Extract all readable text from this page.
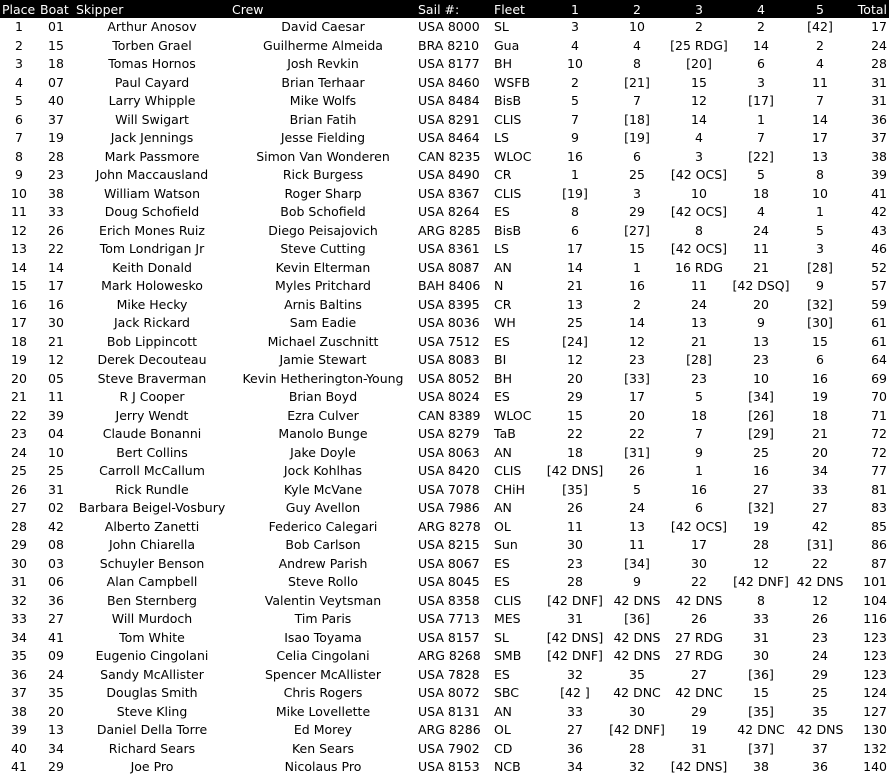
Place	Boat	Skipper	Crew	Sail #:	Fleet	1	2	3	4	5	Total
1	01	Arthur Anosov	David Caesar	USA 8000	SL	3	10	2	2	[42]	17
2	15	Torben Grael	Guilherme Almeida	BRA 8210	Gua	4	4	[25 RDG]	14	2	24
3	18	Tomas Hornos	Josh Revkin	USA 8177	BH	10	8	[20]	6	4	28
4	07	Paul Cayard	Brian Terhaar	USA 8460	WSFB	2	[21]	15	3	11	31
5	40	Larry Whipple	Mike Wolfs	USA 8484	BisB	5	7	12	[17]	7	31
6	37	Will Swigart	Brian Fatih	USA 8291	CLIS	7	[18]	14	1	14	36
7	19	Jack Jennings	Jesse Fielding	USA 8464	LS	9	[19]	4	7	17	37
8	28	Mark Passmore	Simon Van Wonderen	CAN 8235	WLOC	16	6	3	[22]	13	38
9	23	John Maccausland	Rick Burgess	USA 8490	CR	1	25	[42 OCS]	5	8	39
10	38	William Watson	Roger Sharp	USA 8367	CLIS	[19]	3	10	18	10	41
11	33	Doug Schofield	Bob Schofield	USA 8264	ES	8	29	[42 OCS]	4	1	42
12	26	Erich Mones Ruiz	Diego Peisajovich	ARG 8285	BisB	6	[27]	8	24	5	43
13	22	Tom Londrigan Jr	Steve Cutting	USA 8361	LS	17	15	[42 OCS]	11	3	46
14	14	Keith Donald	Kevin Elterman	USA 8087	AN	14	1	16 RDG	21	[28]	52
15	17	Mark Holowesko	Myles Pritchard	BAH 8406	N	21	16	11	[42 DSQ]	9	57
16	16	Mike Hecky	Arnis Baltins	USA 8395	CR	13	2	24	20	[32]	59
17	30	Jack Rickard	Sam Eadie	USA 8036	WH	25	14	13	9	[30]	61
18	21	Bob Lippincott	Michael Zuschnitt	USA 7512	ES	[24]	12	21	13	15	61
19	12	Derek Decouteau	Jamie Stewart	USA 8083	BI	12	23	[28]	23	6	64
20	05	Steve Braverman	Kevin Hetherington-Young	USA 8052	BH	20	[33]	23	10	16	69
21	11	R J Cooper	Brian Boyd	USA 8024	ES	29	17	5	[34]	19	70
22	39	Jerry Wendt	Ezra Culver	CAN 8389	WLOC	15	20	18	[26]	18	71
23	04	Claude Bonanni	Manolo Bunge	USA 8279	TaB	22	22	7	[29]	21	72
24	10	Bert Collins	Jake Doyle	USA 8063	AN	18	[31]	9	25	20	72
25	25	Carroll McCallum	Jock Kohlhas	USA 8420	CLIS	[42 DNS]	26	1	16	34	77
26	31	Rick Rundle	Kyle McVane	USA 7078	CHiH	[35]	5	16	27	33	81
27	02	Barbara Beigel-Vosbury	Guy Avellon	USA 7986	AN	26	24	6	[32]	27	83
28	42	Alberto Zanetti	Federico Calegari	ARG 8278	OL	11	13	[42 OCS]	19	42	85
29	08	John Chiarella	Bob Carlson	USA 8215	Sun	30	11	17	28	[31]	86
30	03	Schuyler Benson	Andrew Parish	USA 8067	ES	23	[34]	30	12	22	87
31	06	Alan Campbell	Steve Rollo	USA 8045	ES	28	9	22	[42 DNF]	42 DNS	101
32	36	Ben Sternberg	Valentin Veytsman	USA 8358	CLIS	[42 DNF]	42 DNS	42 DNS	8	12	104
33	27	Will Murdoch	Tim Paris	USA 7713	MES	31	[36]	26	33	26	116
34	41	Tom White	Isao Toyama	USA 8157	SL	[42 DNS]	42 DNS	27 RDG	31	23	123
35	09	Eugenio Cingolani	Celia Cingolani	ARG 8268	SMB	[42 DNF]	42 DNS	27 RDG	30	24	123
36	24	Sandy McAllister	Spencer McAllister	USA 7828	ES	32	35	27	[36]	29	123
37	35	Douglas Smith	Chris Rogers	USA 8072	SBC	[42 ]	42 DNC	42 DNC	15	25	124
38	20	Steve Kling	Mike Lovellette	USA 8131	AN	33	30	29	[35]	35	127
39	13	Daniel Della Torre	Ed Morey	ARG 8286	OL	27	[42 DNF]	19	42 DNC	42 DNS	130
40	34	Richard Sears	Ken Sears	USA 7902	CD	36	28	31	[37]	37	132
41	29	Joe Pro	Nicolaus Pro	USA 8153	NCB	34	32	[42 DNS]	38	36	140
